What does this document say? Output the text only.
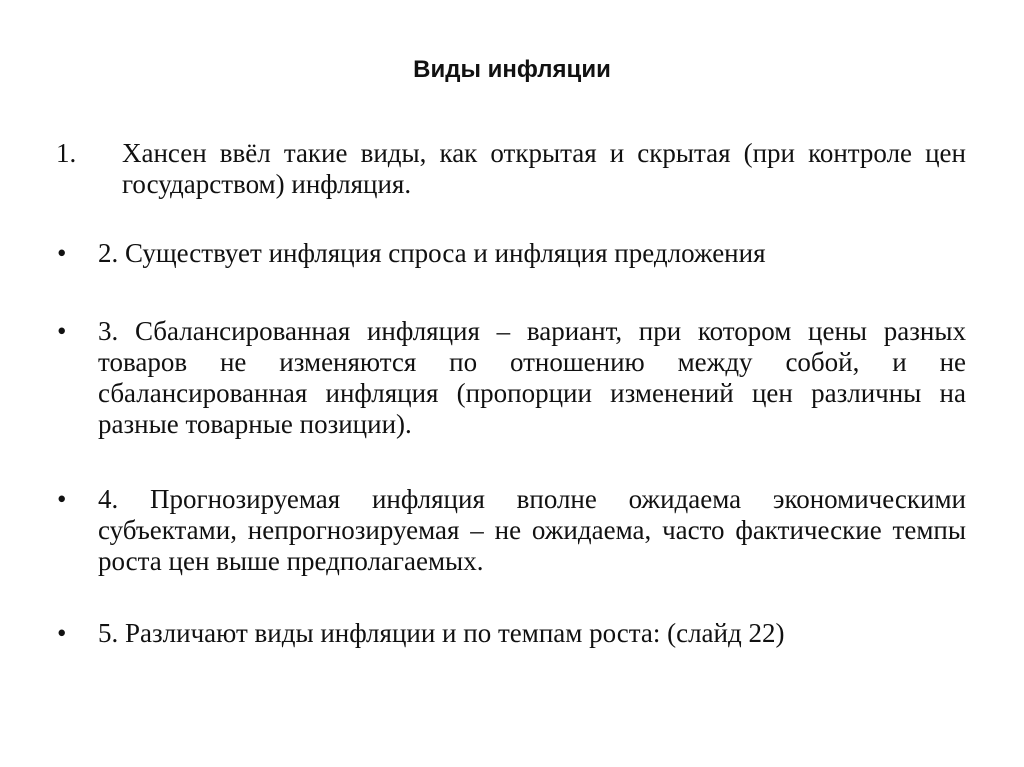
Виды инфляции
1. Хансен ввёл такие виды, как открытая и скрытая (при контроле цен государством) инфляция.
• 2. Существует инфляция спроса и инфляция предложения
• 3. Сбалансированная инфляция – вариант, при котором цены разных товаров не изменяются по отношению между собой, и не сбалансированная инфляция (пропорции изменений цен различны на разные товарные позиции).
• 4. Прогнозируемая инфляция вполне ожидаема экономическими субъектами, непрогнозируемая – не ожидаема, часто фактические темпы роста цен выше предполагаемых.
• 5. Различают виды инфляции и по темпам роста: (слайд 22)
